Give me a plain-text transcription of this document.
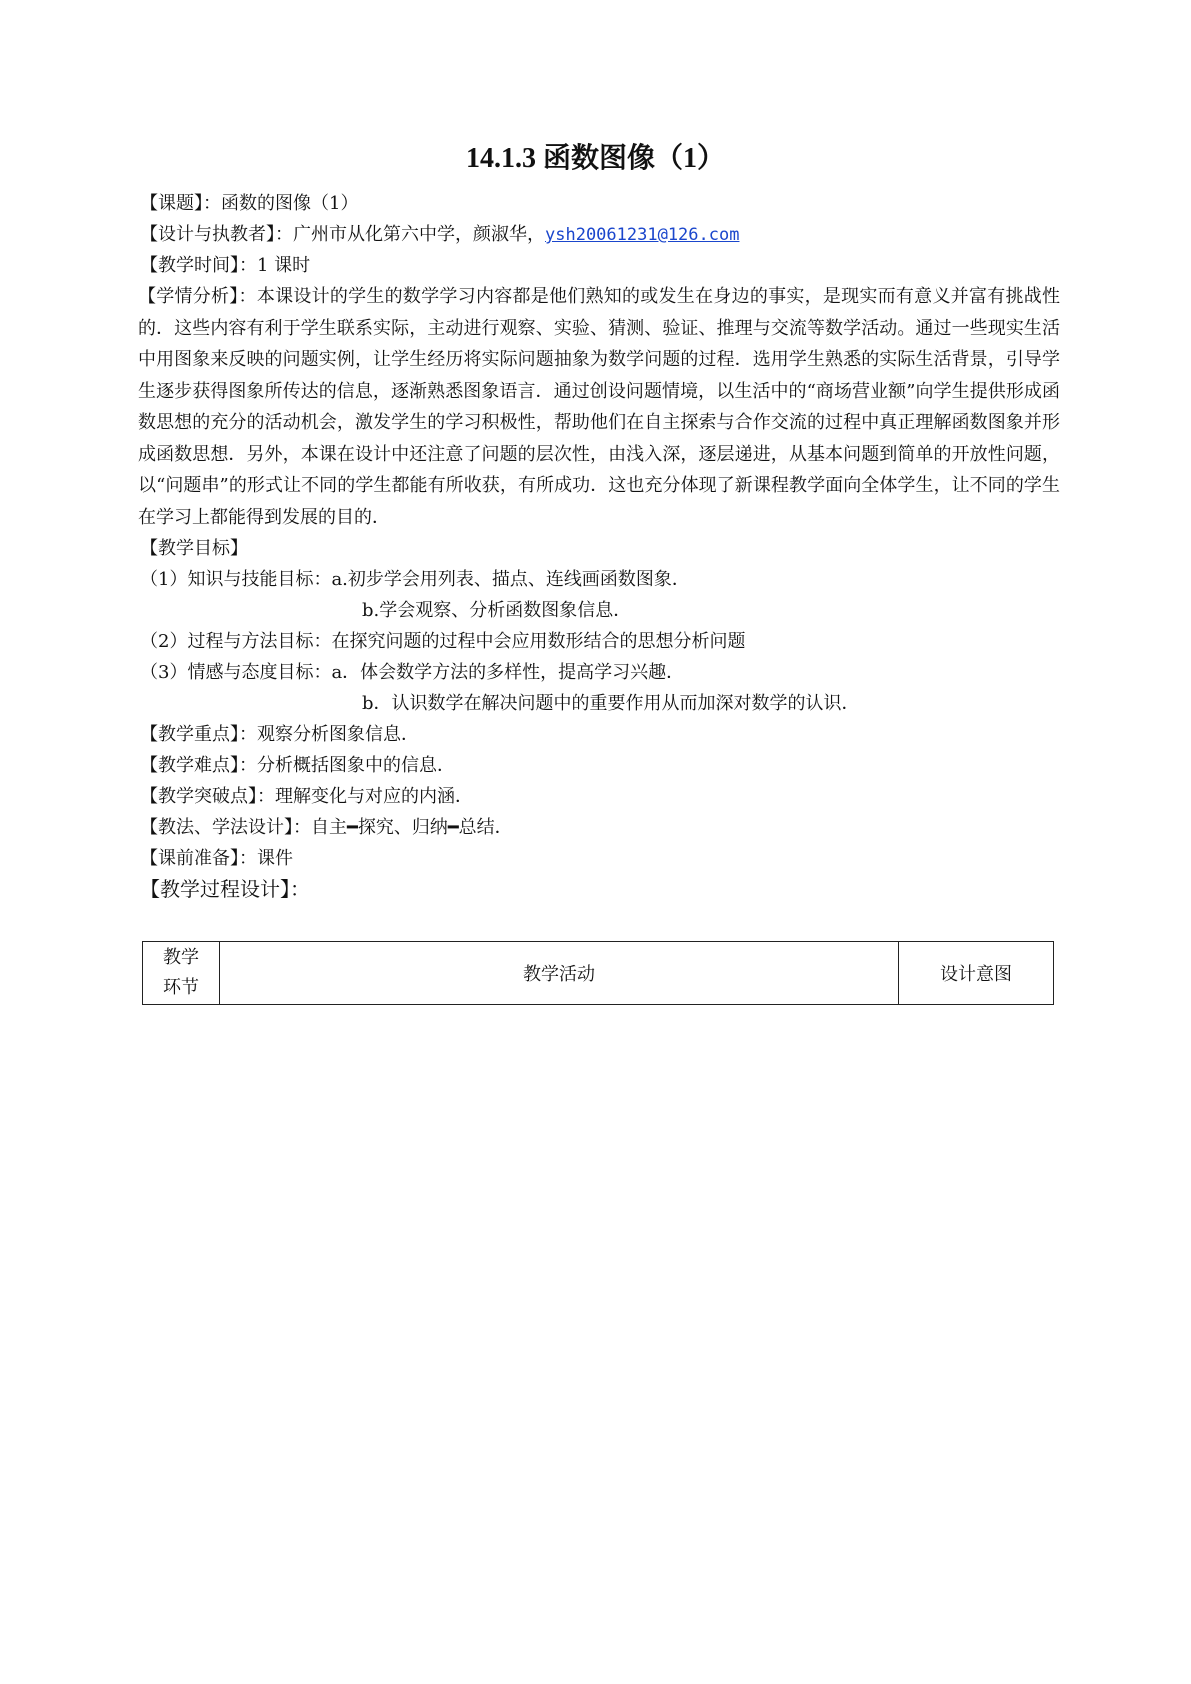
14.1.3 函数图像（1）
【课题】：函数的图像（1）
【设计与执教者】：广州市从化第六中学，颜淑华，ysh20061231@126.com
【教学时间】：1 课时

【学情分析】：本课设计的学生的数学学习内容都是他们熟知的或发生在身边的事实，是现实而有意义并富有挑战性的．这些内容有利于学生联系实际，主动进行观察、实验、猜测、验证、推理与交流等数学活动。通过一些现实生活中用图象来反映的问题实例，让学生经历将实际问题抽象为数学问题的过程．选用学生熟悉的实际生活背景，引导学生逐步获得图象所传达的信息，逐渐熟悉图象语言．通过创设问题情境，以生活中的“商场营业额”向学生提供形成函数思想的充分的活动机会，激发学生的学习积极性，帮助他们在自主探索与合作交流的过程中真正理解函数图象并形成函数思想．另外，本课在设计中还注意了问题的层次性，由浅入深，逐层递进，从基本问题到简单的开放性问题，以“问题串”的形式让不同的学生都能有所收获，有所成功．这也充分体现了新课程教学面向全体学生，让不同的学生在学习上都能得到发展的目的．

【教学目标】
（1）知识与技能目标：a.初步学会用列表、描点、连线画函数图象．
b.学会观察、分析函数图象信息．
（2）过程与方法目标：在探究问题的过程中会应用数形结合的思想分析问题
（3）情感与态度目标：a．体会数学方法的多样性，提高学习兴趣．
b．认识数学在解决问题中的重要作用从而加深对数学的认识．
【教学重点】：观察分析图象信息．
【教学难点】：分析概括图象中的信息．
【教学突破点】：理解变化与对应的内涵．
【教法、学法设计】：自主━探究、归纳━总结．
【课前准备】：课件
【教学过程设计】：
教学
环节
	教学活动	设计意图
